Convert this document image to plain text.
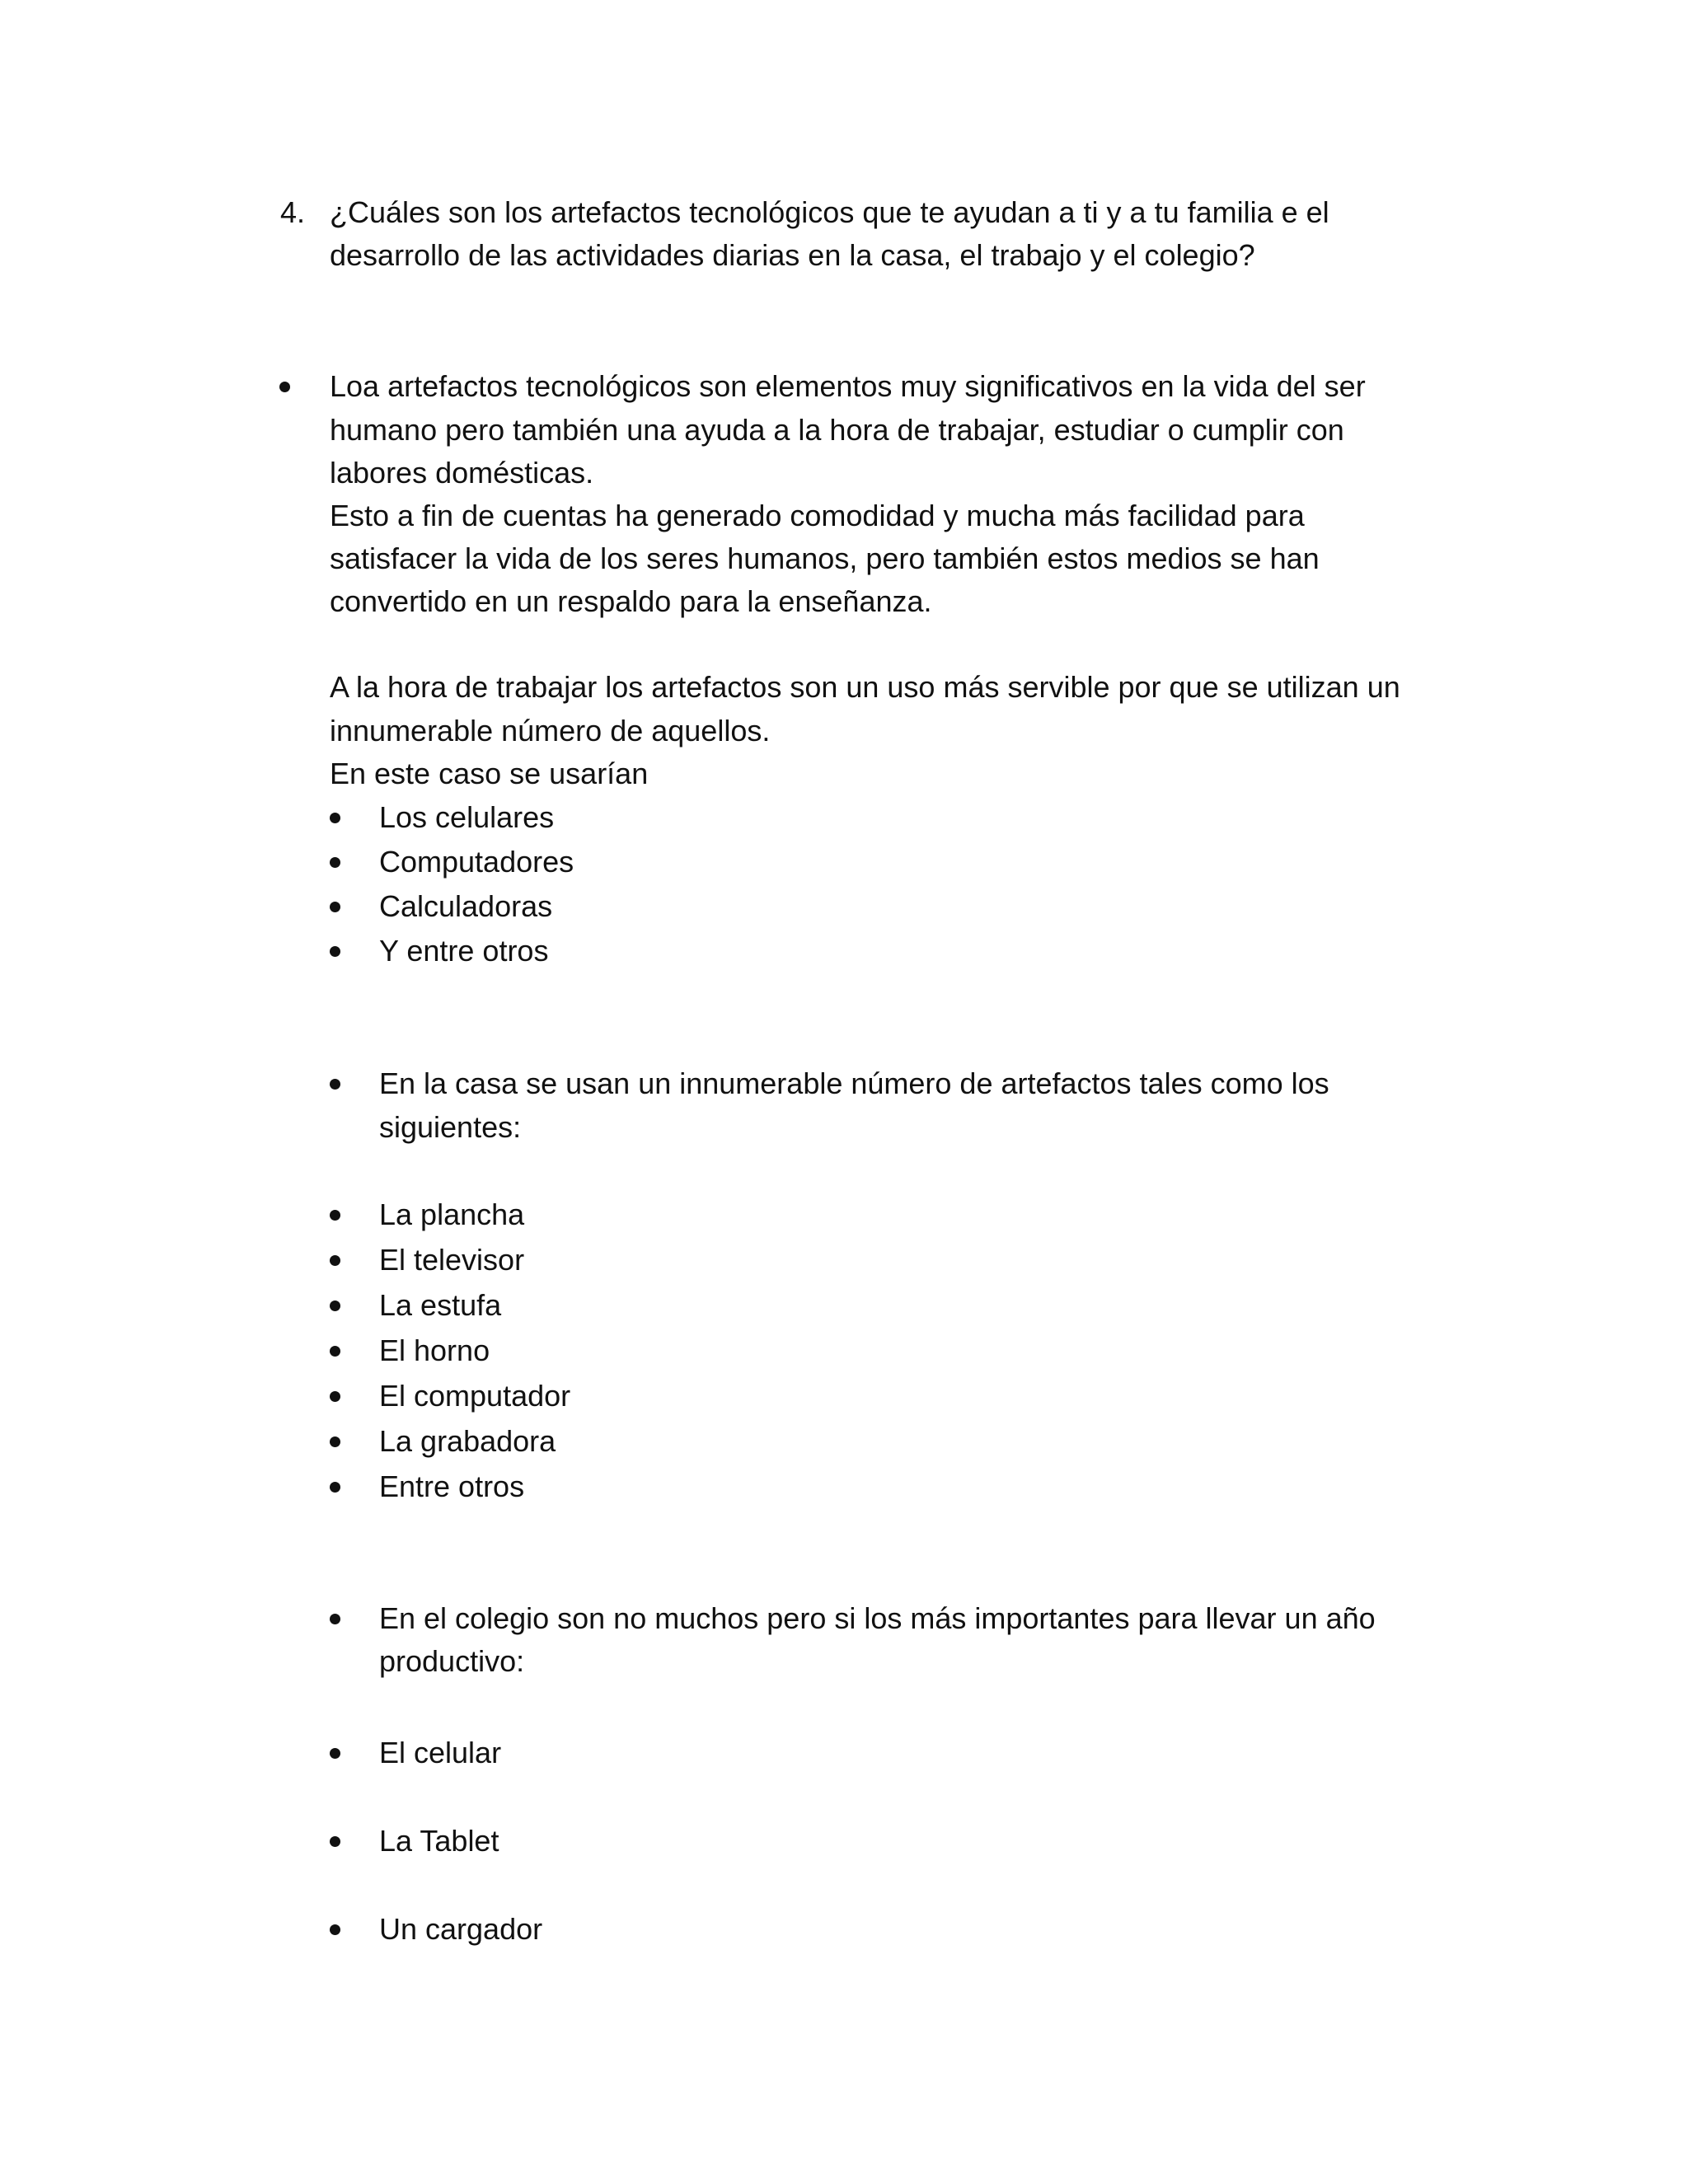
4. ¿Cuáles son los artefactos tecnológicos que te ayudan a ti y a tu familia e el

desarrollo de las actividades diarias en la casa, el trabajo y el colegio?

Loa artefactos tecnológicos son elementos muy significativos en la vida del ser

humano pero también una ayuda a la hora de trabajar, estudiar o cumplir con

labores domésticas.

Esto a fin de cuentas ha generado comodidad y mucha más facilidad para

satisfacer la vida de los seres humanos, pero también estos medios se han

convertido en un respaldo para la enseñanza.

A la hora de trabajar los artefactos son un uso más servible por que se utilizan un

innumerable número de aquellos.

En este caso se usarían

Los celulares

Computadores

Calculadoras

Y entre otros

En la casa se usan un innumerable número de artefactos tales como los

siguientes:

La plancha

El televisor

La estufa

El horno

El computador

La grabadora

Entre otros

En el colegio son no muchos pero si los más importantes para llevar un año

productivo:

El celular

La Tablet

Un cargador
